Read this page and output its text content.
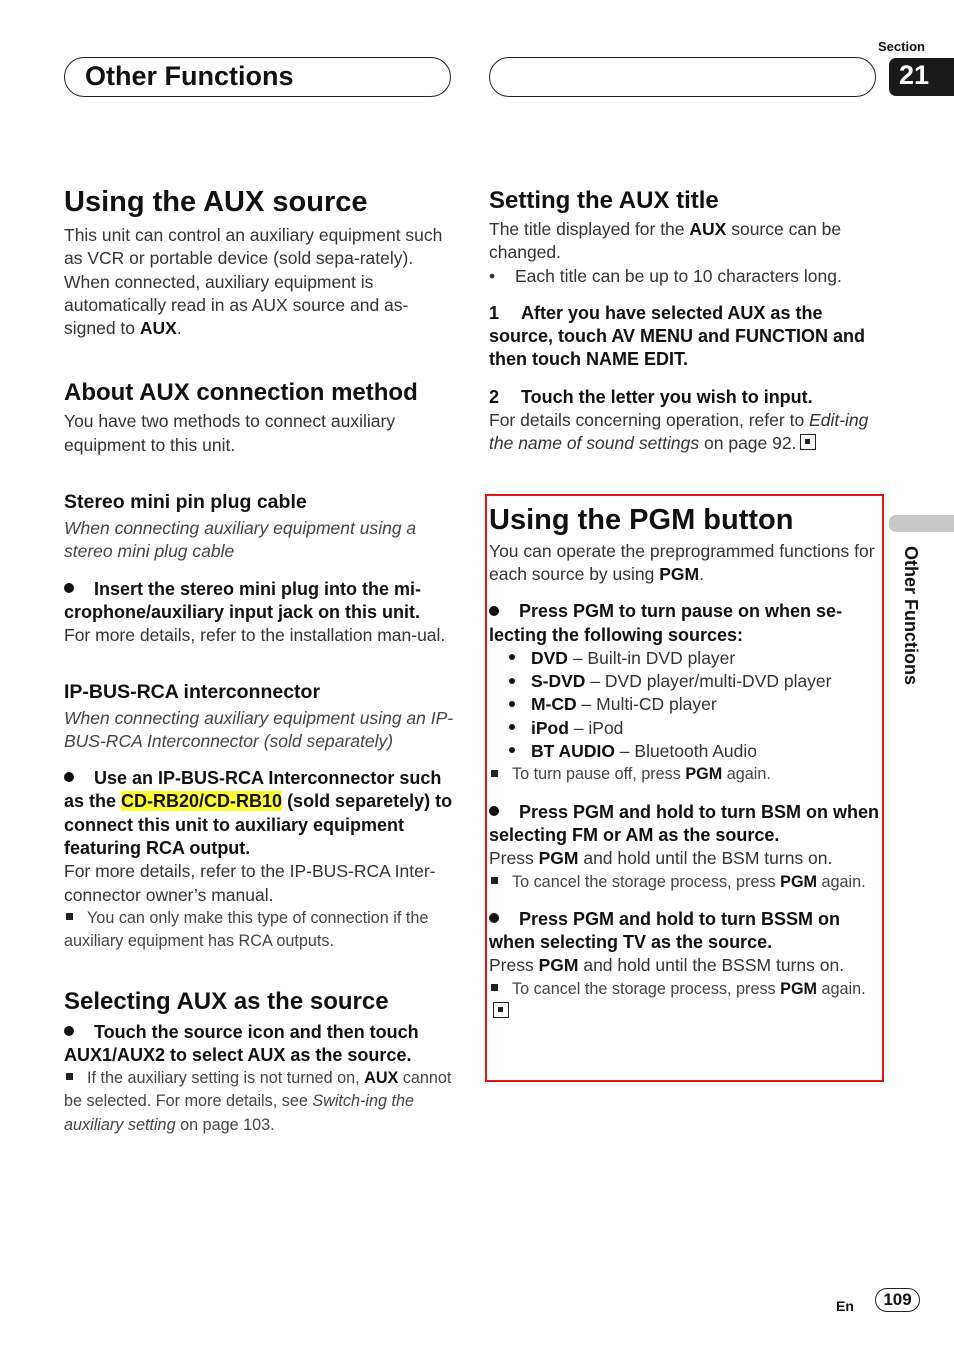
Other Functions
Section
21
Other Functions
Using the AUX source

This unit can control an auxiliary equipment such as VCR or portable device (sold sepa-rately). When connected, auxiliary equipment is automatically read in as AUX source and as-signed to AUX.

About AUX connection method

You have two methods to connect auxiliary equipment to this unit.

Stereo mini pin plug cable

When connecting auxiliary equipment using a stereo mini plug cable

Insert the stereo mini plug into the mi-crophone/auxiliary input jack on this unit.

For more details, refer to the installation man-ual.

IP-BUS-RCA interconnector

When connecting auxiliary equipment using an IP-BUS-RCA Interconnector (sold separately)

Use an IP-BUS-RCA Interconnector such as the CD-RB20/CD-RB10 (sold separetely) to connect this unit to auxiliary equipment featuring RCA output.

For more details, refer to the IP-BUS-RCA Inter-connector owner’s manual.

You can only make this type of connection if the auxiliary equipment has RCA outputs.

Selecting AUX as the source

Touch the source icon and then touch AUX1/AUX2 to select AUX as the source.

If the auxiliary setting is not turned on, AUX cannot be selected. For more details, see Switch-ing the auxiliary setting on page 103.

Setting the AUX title

The title displayed for the AUX source can be changed.

• Each title can be up to 10 characters long.

1 After you have selected AUX as the source, touch AV MENU and FUNCTION and then touch NAME EDIT.

2 Touch the letter you wish to input.

For details concerning operation, refer to Edit-ing the name of sound settings on page 92.

Using the PGM button

You can operate the preprogrammed functions for each source by using PGM.

Press PGM to turn pause on when se-lecting the following sources:

DVD – Built-in DVD player
S-DVD – DVD player/multi-DVD player
M-CD – Multi-CD player
iPod – iPod
BT AUDIO – Bluetooth Audio

To turn pause off, press PGM again.

Press PGM and hold to turn BSM on when selecting FM or AM as the source.

Press PGM and hold until the BSM turns on.

To cancel the storage process, press PGM again.

Press PGM and hold to turn BSSM on when selecting TV as the source.

Press PGM and hold until the BSSM turns on.

To cancel the storage process, press PGM again.

En	109
